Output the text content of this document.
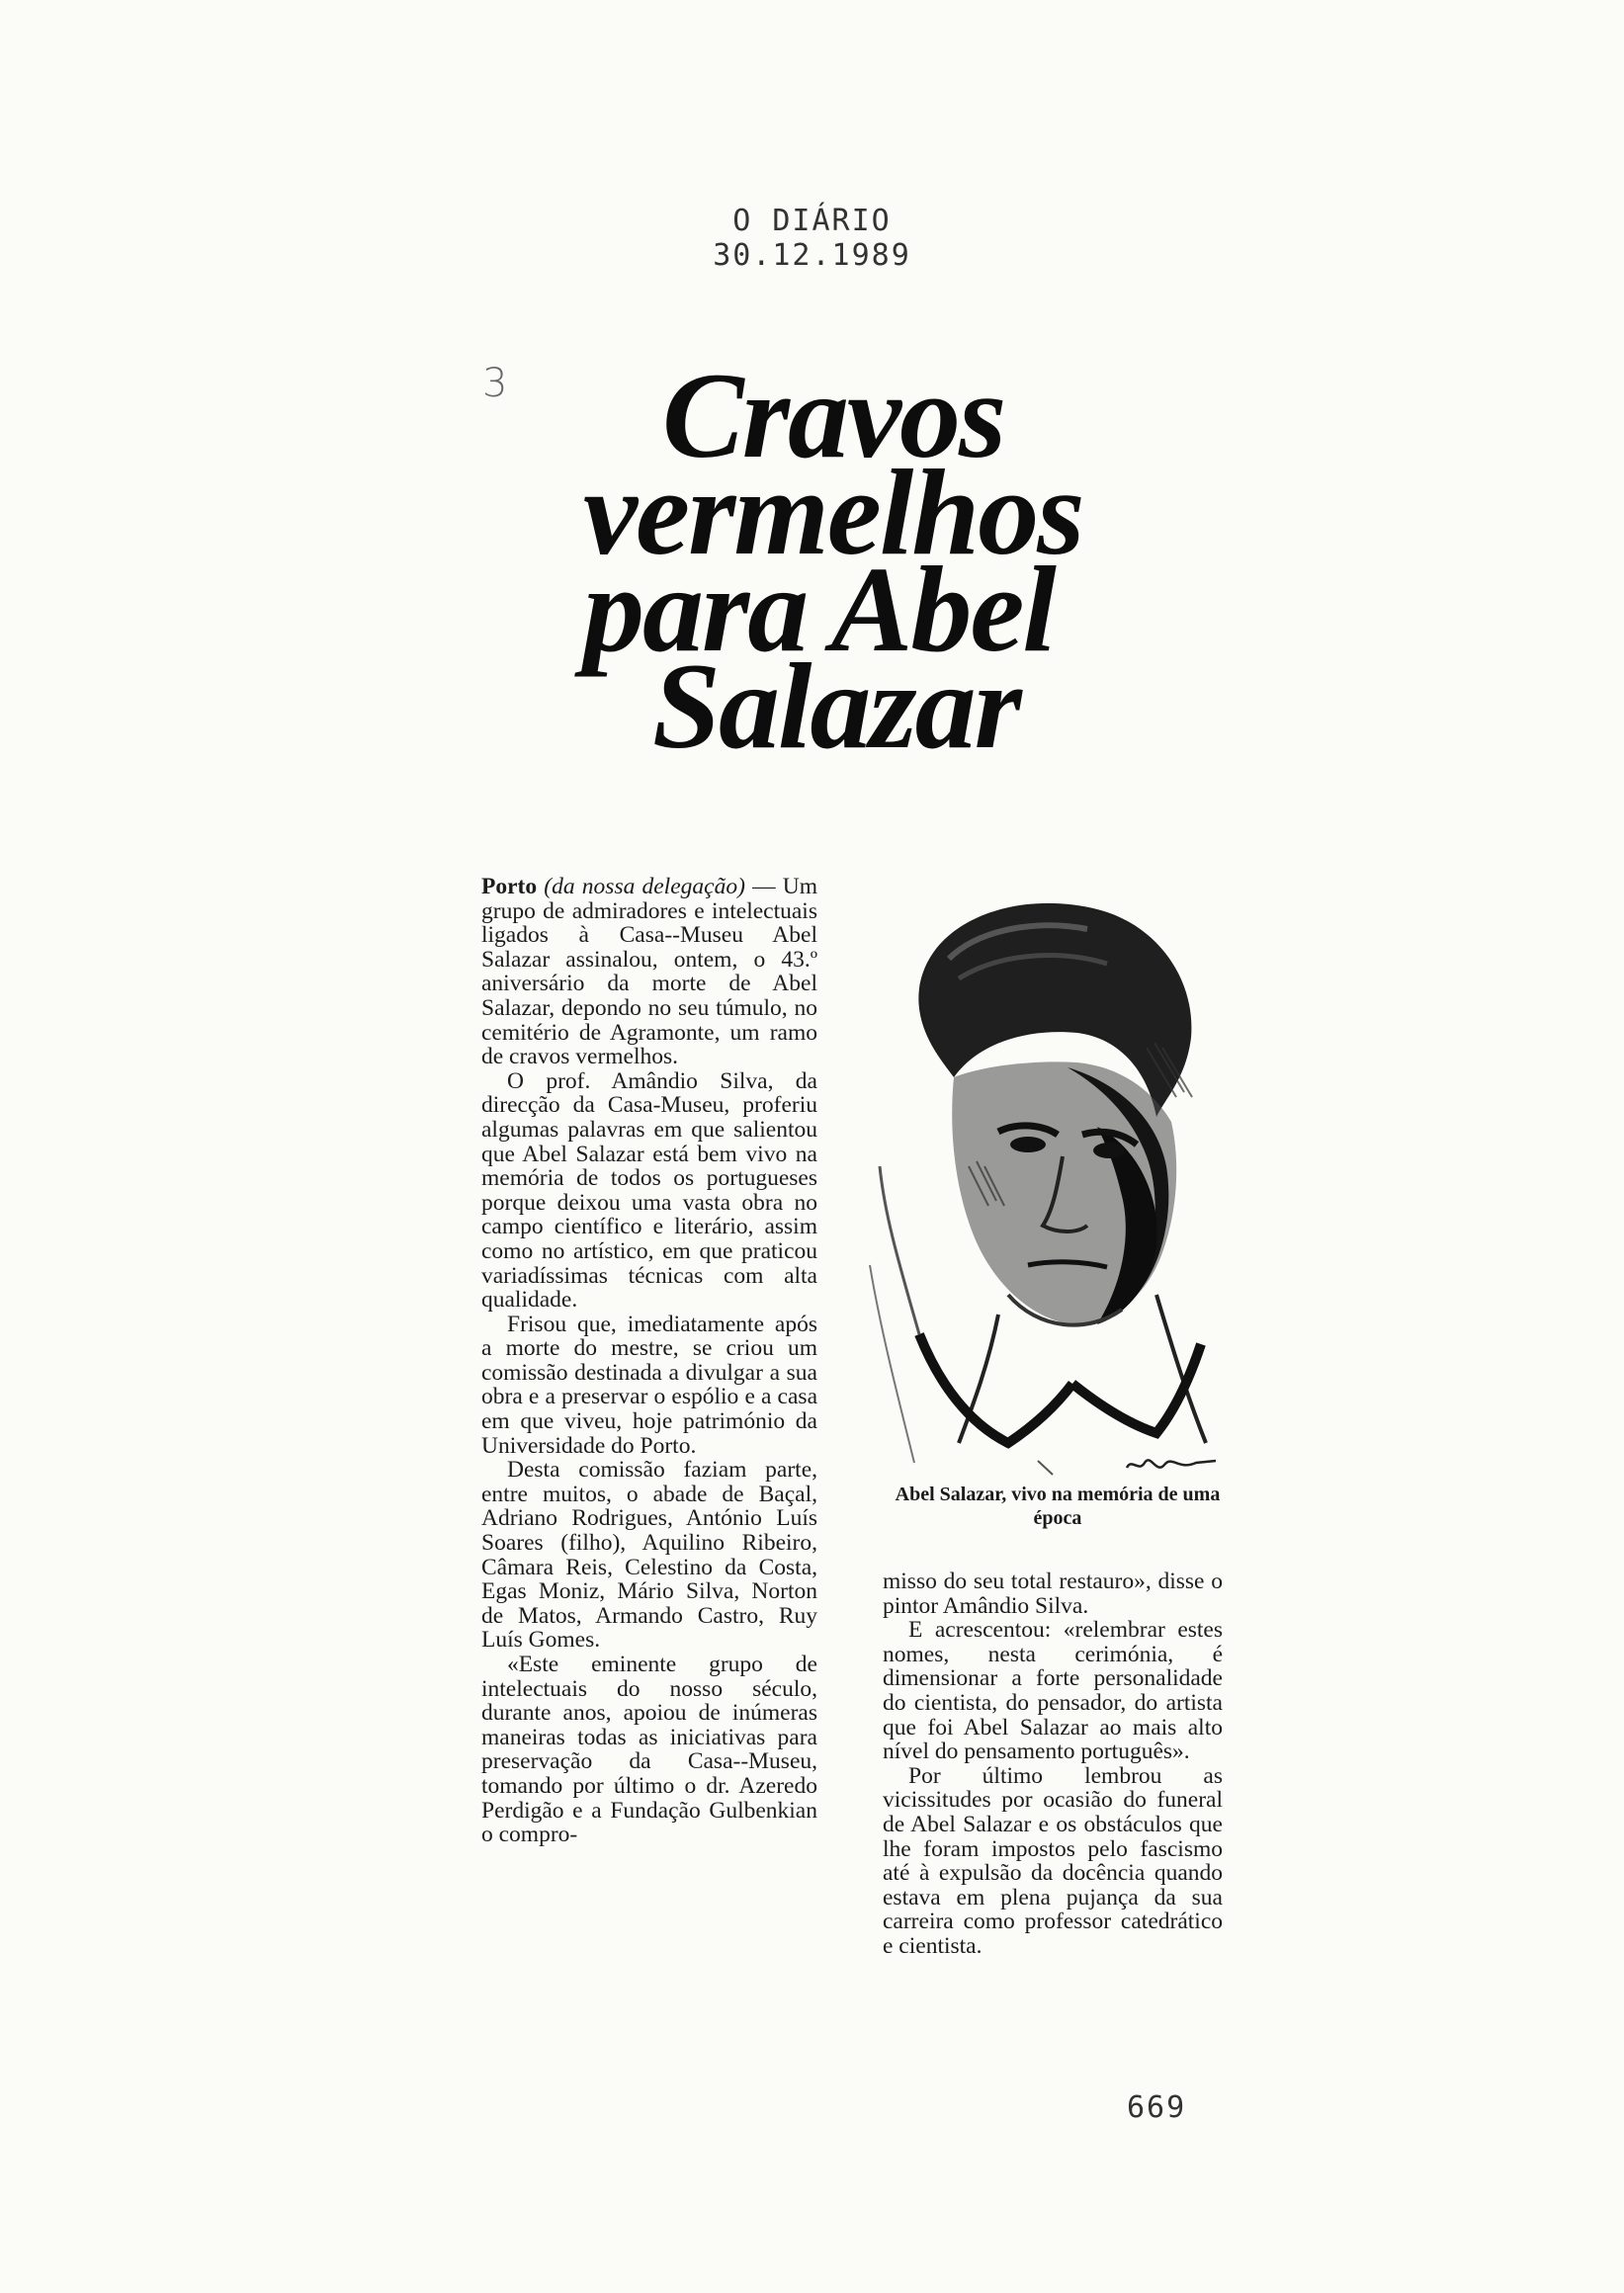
O DIÁRIO
30.12.1989
3 Cravos
vermelhos
para Abel
Salazar

Porto (da nossa delegação) — Um grupo de admiradores e intelectuais ligados à Casa--Museu Abel Salazar assinalou, ontem, o 43.º aniversário da morte de Abel Salazar, depondo no seu túmulo, no cemitério de Agramonte, um ramo de cravos vermelhos.

O prof. Amândio Silva, da direcção da Casa-Museu, proferiu algumas palavras em que salientou que Abel Salazar está bem vivo na memória de todos os portugueses porque deixou uma vasta obra no campo científico e literário, assim como no artístico, em que praticou variadíssimas técnicas com alta qualidade.

Frisou que, imediatamente após a morte do mestre, se criou um comissão destinada a divulgar a sua obra e a preservar o espólio e a casa em que viveu, hoje património da Universidade do Porto.

Desta comissão faziam parte, entre muitos, o abade de Baçal, Adriano Rodrigues, António Luís Soares (filho), Aquilino Ribeiro, Câmara Reis, Celestino da Costa, Egas Moniz, Mário Silva, Norton de Matos, Armando Castro, Ruy Luís Gomes.

«Este eminente grupo de intelectuais do nosso século, durante anos, apoiou de inúmeras maneiras todas as iniciativas para preservação da Casa--Museu, tomando por último o dr. Azeredo Perdigão e a Fundação Gulbenkian o compro-

Abel Salazar, vivo na memória de uma época

misso do seu total restauro», disse o pintor Amândio Silva.

E acrescentou: «relembrar estes nomes, nesta cerimónia, é dimensionar a forte personalidade do cientista, do pensador, do artista que foi Abel Salazar ao mais alto nível do pensamento português».

Por último lembrou as vicissitudes por ocasião do funeral de Abel Salazar e os obstáculos que lhe foram impostos pelo fascismo até à expulsão da docência quando estava em plena pujança da sua carreira como professor catedrático e cientista.

669
